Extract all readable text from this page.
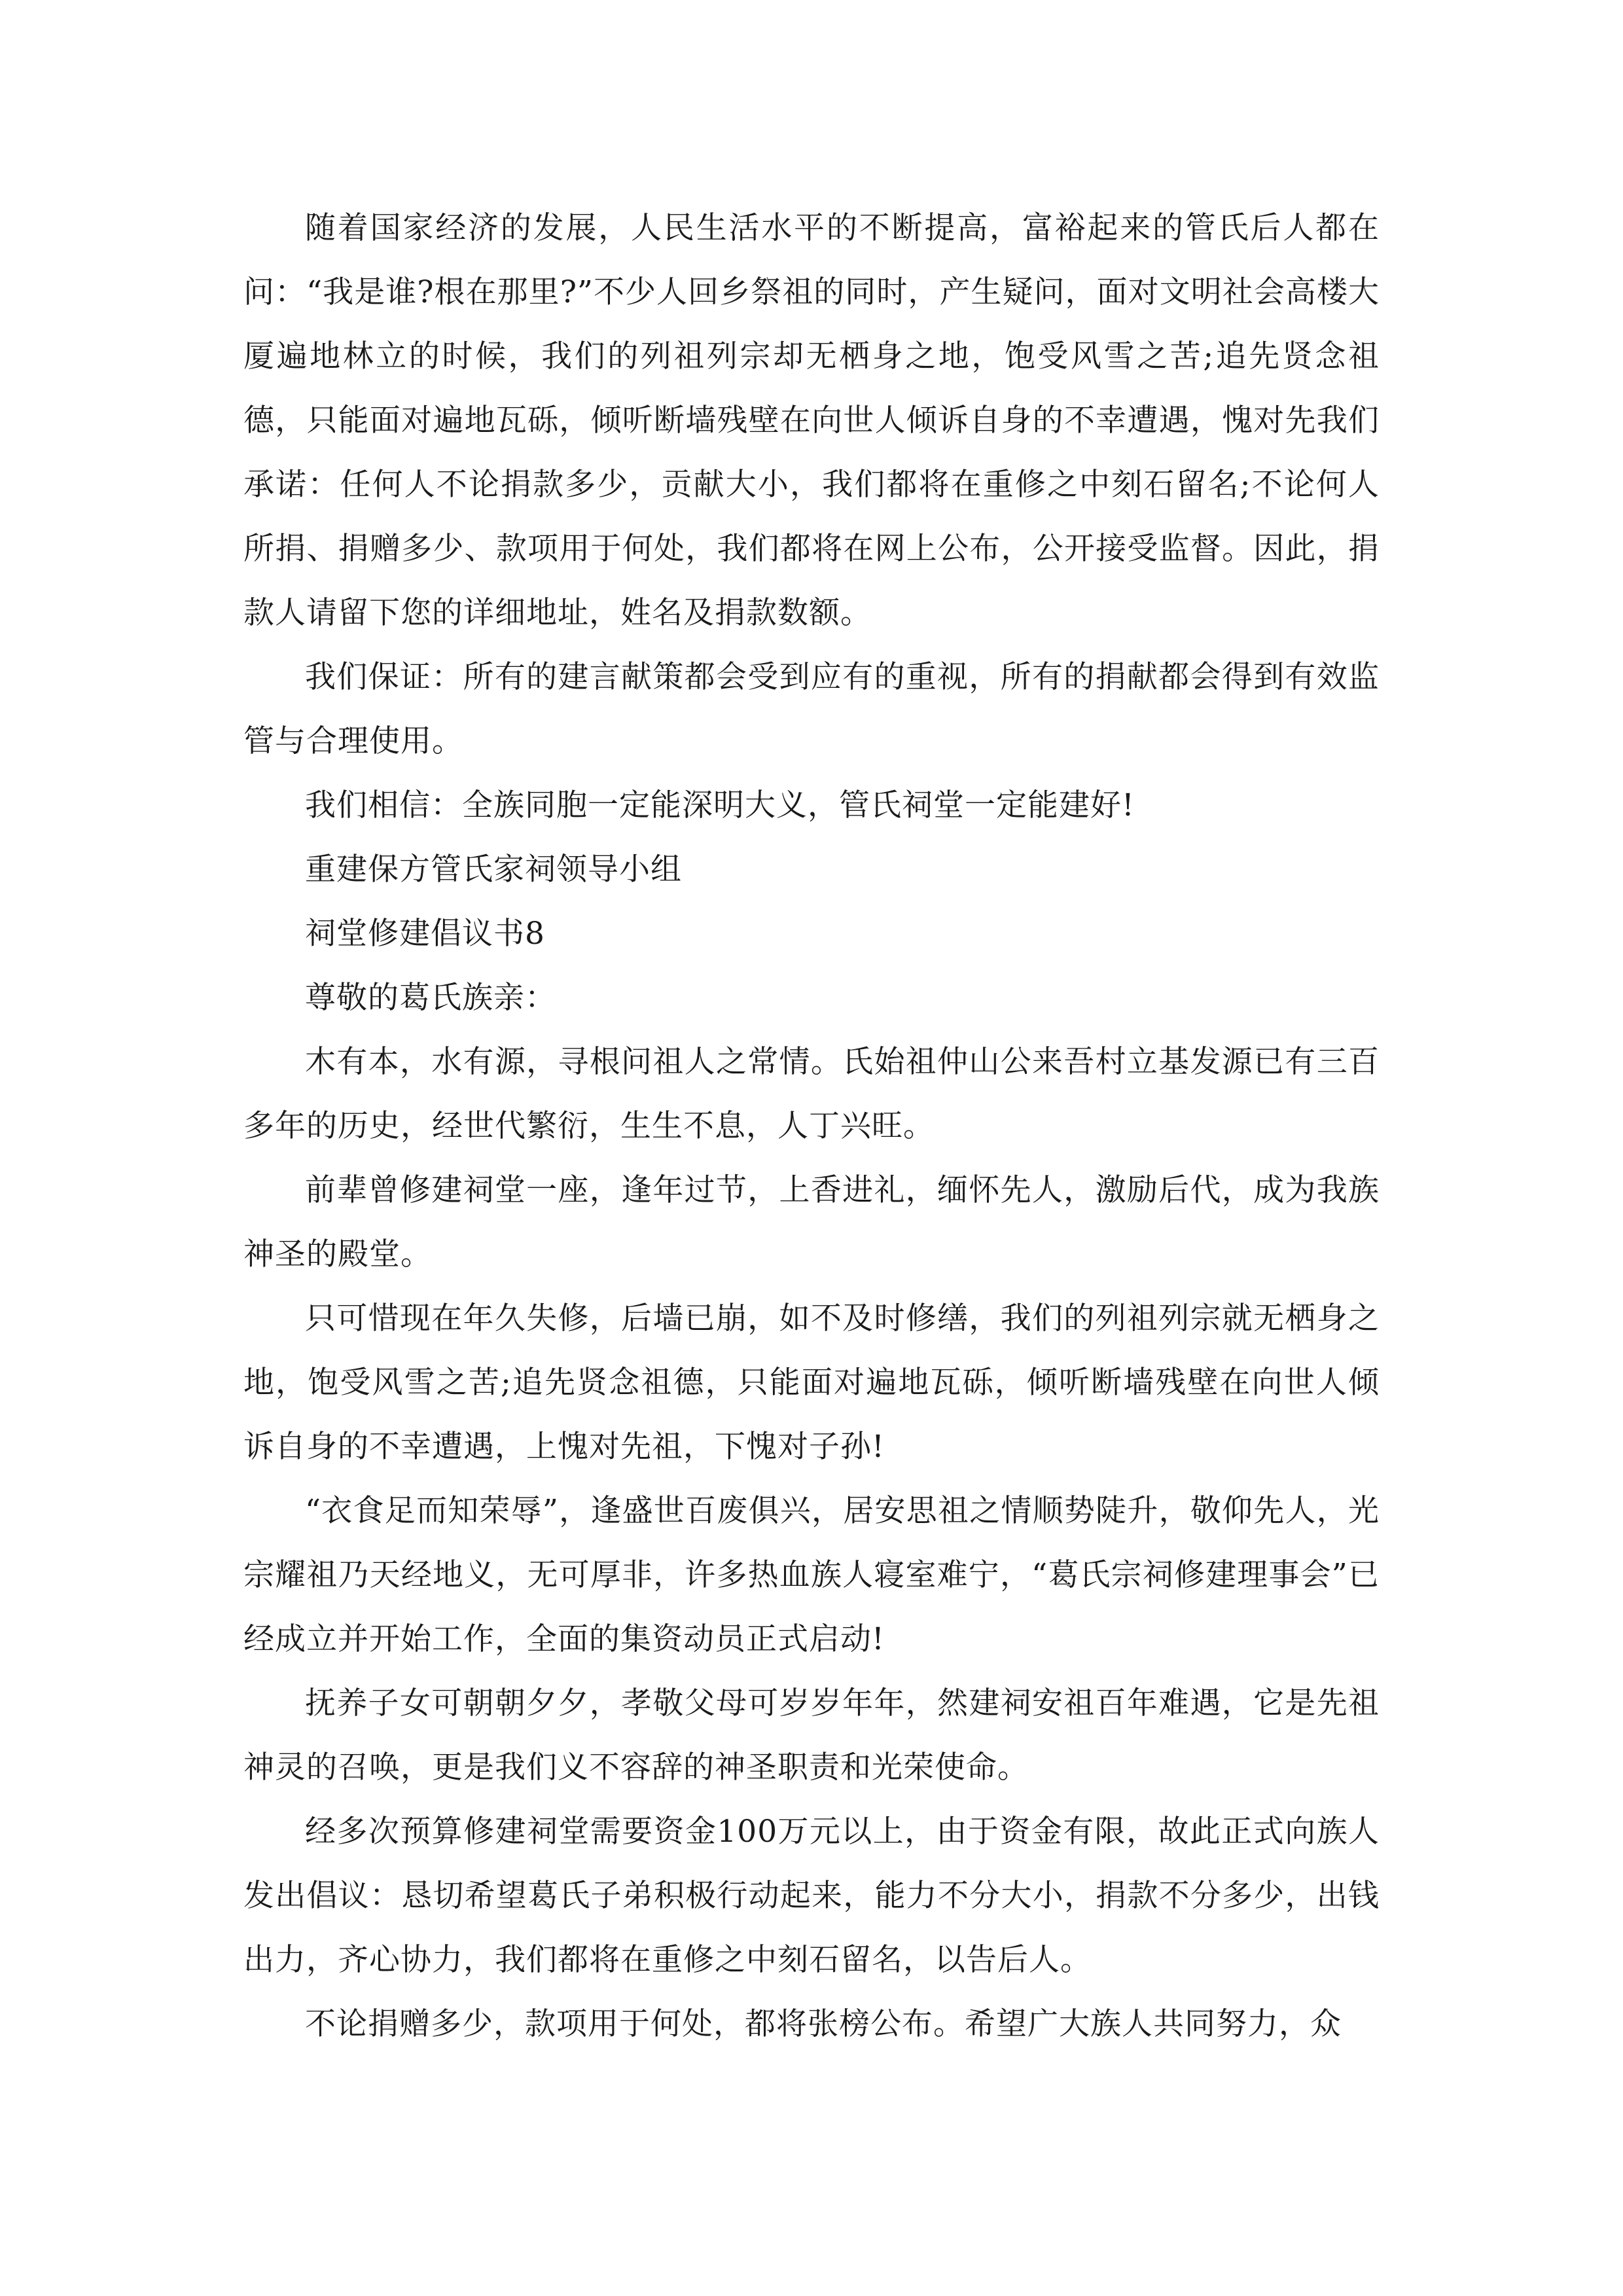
随着国家经济的发展，人民生活水平的不断提高，富裕起来的管氏后人都在问：“我是谁?根在那里?”不少人回乡祭祖的同时，产生疑问，面对文明社会高楼大厦遍地林立的时候，我们的列祖列宗却无栖身之地，饱受风雪之苦;追先贤念祖德，只能面对遍地瓦砾，倾听断墙残壁在向世人倾诉自身的不幸遭遇，愧对先我们承诺：任何人不论捐款多少，贡献大小，我们都将在重修之中刻石留名;不论何人所捐、捐赠多少、款项用于何处，我们都将在网上公布，公开接受监督。因此，捐款人请留下您的详细地址，姓名及捐款数额。

我们保证：所有的建言献策都会受到应有的重视，所有的捐献都会得到有效监管与合理使用。

我们相信：全族同胞一定能深明大义，管氏祠堂一定能建好!

重建保方管氏家祠领导小组

祠堂修建倡议书8

尊敬的葛氏族亲：

木有本，水有源，寻根问祖人之常情。氏始祖仲山公来吾村立基发源已有三百多年的历史，经世代繁衍，生生不息，人丁兴旺。

前辈曾修建祠堂一座，逢年过节，上香进礼，缅怀先人，激励后代，成为我族神圣的殿堂。

只可惜现在年久失修，后墙已崩，如不及时修缮，我们的列祖列宗就无栖身之地，饱受风雪之苦;追先贤念祖德，只能面对遍地瓦砾，倾听断墙残壁在向世人倾诉自身的不幸遭遇，上愧对先祖，下愧对子孙!

“衣食足而知荣辱”，逢盛世百废俱兴，居安思祖之情顺势陡升，敬仰先人，光宗耀祖乃天经地义，无可厚非，许多热血族人寝室难宁，“葛氏宗祠修建理事会”已经成立并开始工作，全面的集资动员正式启动!

抚养子女可朝朝夕夕，孝敬父母可岁岁年年，然建祠安祖百年难遇，它是先祖神灵的召唤，更是我们义不容辞的神圣职责和光荣使命。

经多次预算修建祠堂需要资金100万元以上，由于资金有限，故此正式向族人发出倡议：恳切希望葛氏子弟积极行动起来，能力不分大小，捐款不分多少，出钱出力，齐心协力，我们都将在重修之中刻石留名，以告后人。

不论捐赠多少，款项用于何处，都将张榜公布。希望广大族人共同努力，众
